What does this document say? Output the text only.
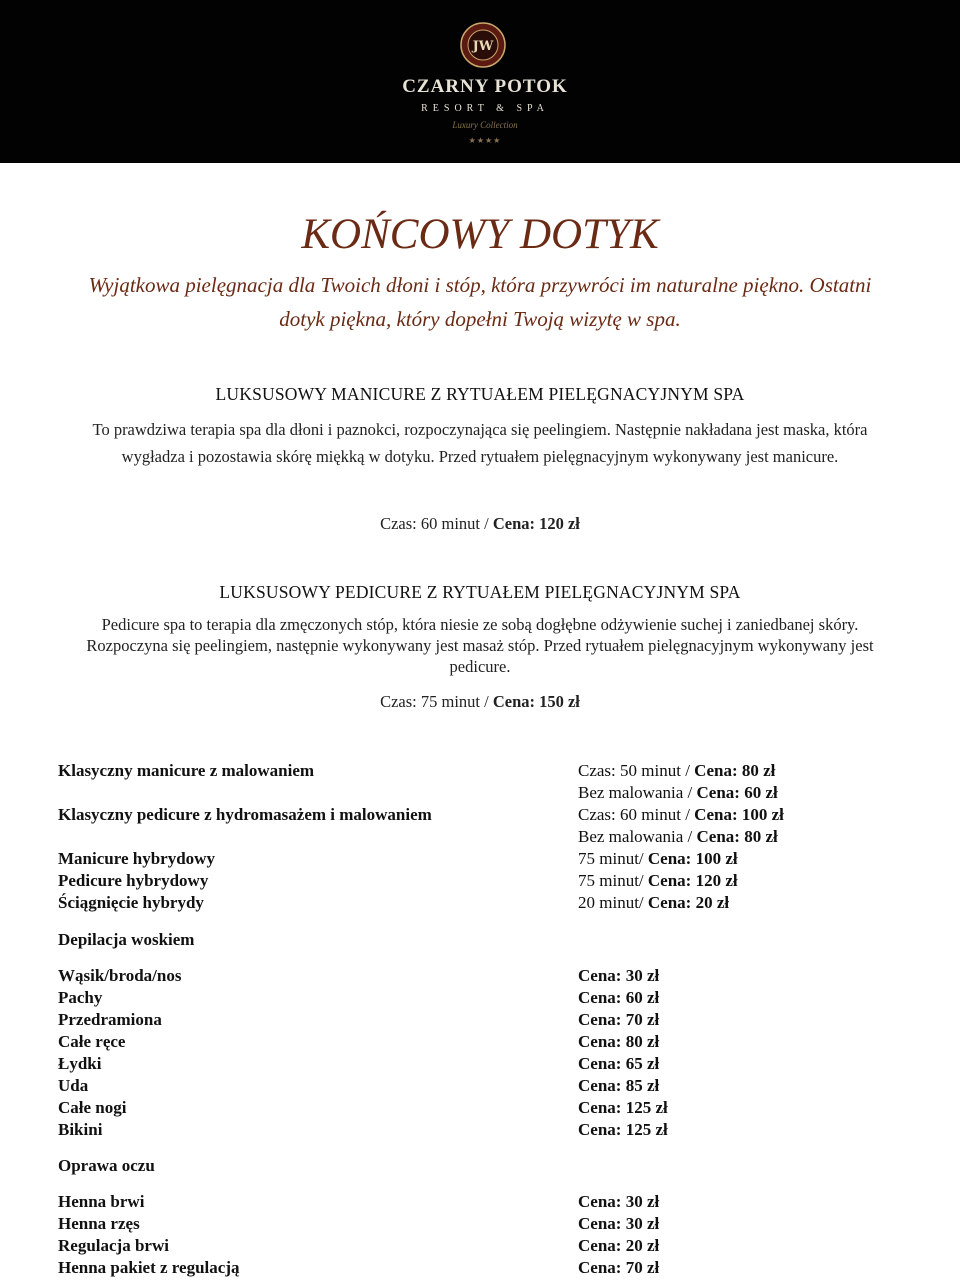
JW
CZARNY POTOK
RESORT & SPA
Luxury Collection
★★★★
KOŃCOWY DOTYK
Wyjątkowa pielęgnacja dla Twoich dłoni i stóp, która przywróci im naturalne piękno. Ostatni dotyk piękna, który dopełni Twoją wizytę w spa.
LUKSUSOWY MANICURE Z RYTUAŁEM PIELĘGNACYJNYM SPA
To prawdziwa terapia spa dla dłoni i paznokci, rozpoczynająca się peelingiem. Następnie nakładana jest maska, która wygładza i pozostawia skórę miękką w dotyku. Przed rytuałem pielęgnacyjnym wykonywany jest manicure.
Czas: 60 minut / Cena: 120 zł
LUKSUSOWY PEDICURE Z RYTUAŁEM PIELĘGNACYJNYM SPA
Pedicure spa to terapia dla zmęczonych stóp, która niesie ze sobą dogłębne odżywienie suchej i zaniedbanej skóry. Rozpoczyna się peelingiem, następnie wykonywany jest masaż stóp. Przed rytuałem pielęgnacyjnym wykonywany jest pedicure.
Czas: 75 minut / Cena: 150 zł
Klasyczny manicure z malowaniem	Czas: 50 minut / Cena: 80 zł
Bez malowania / Cena: 60 zł
Klasyczny pedicure z hydromasażem i malowaniem	Czas: 60 minut / Cena: 100 zł
Bez malowania / Cena: 80 zł
Manicure hybrydowy	75 minut/ Cena: 100 zł
Pedicure hybrydowy	75 minut/ Cena: 120 zł
Ściągnięcie hybrydy	20 minut/ Cena: 20 zł
Depilacja woskiem
Wąsik/broda/nos	Cena: 30 zł
Pachy	Cena: 60 zł
Przedramiona	Cena: 70 zł
Całe ręce	Cena: 80 zł
Łydki	Cena: 65 zł
Uda	Cena: 85 zł
Całe nogi	Cena: 125 zł
Bikini	Cena: 125 zł
Oprawa oczu
Henna brwi	Cena: 30 zł
Henna rzęs	Cena: 30 zł
Regulacja brwi	Cena: 20 zł
Henna pakiet z regulacją	Cena: 70 zł
